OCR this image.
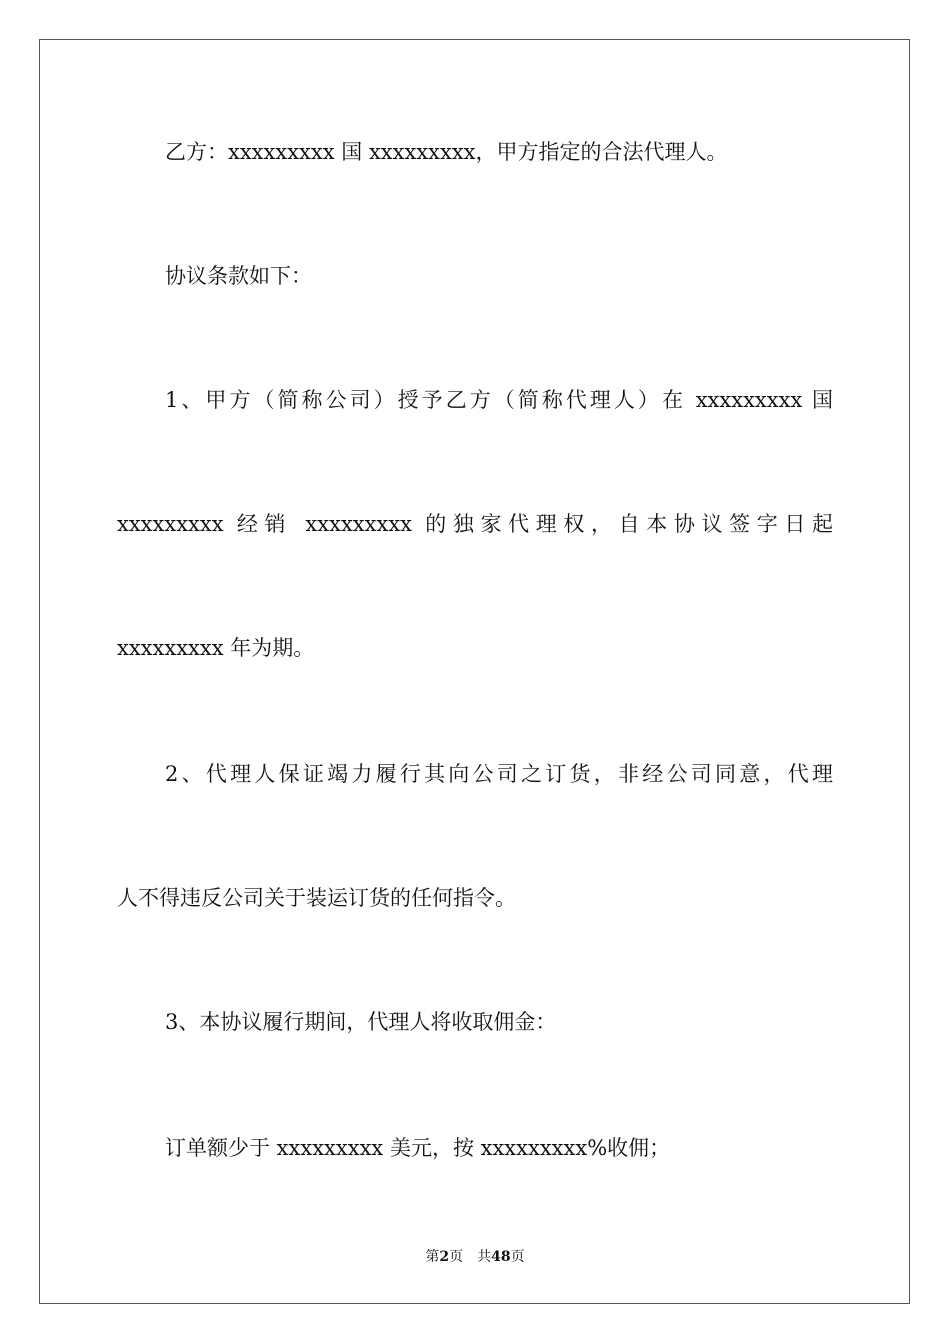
乙方：xxxxxxxxx 国 xxxxxxxxx，甲方指定的合法代理人。
协议条款如下：
1、甲方（简称公司）授予乙方（简称代理人）在 xxxxxxxxx 国
xxxxxxxxx 经销 xxxxxxxxx 的独家代理权，自本协议签字日起
xxxxxxxxx 年为期。
2、代理人保证竭力履行其向公司之订货，非经公司同意，代理
人不得违反公司关于装运订货的任何指令。
3、本协议履行期间，代理人将收取佣金：
订单额少于 xxxxxxxxx 美元，按 xxxxxxxxx%收佣；
第2页 共48页
